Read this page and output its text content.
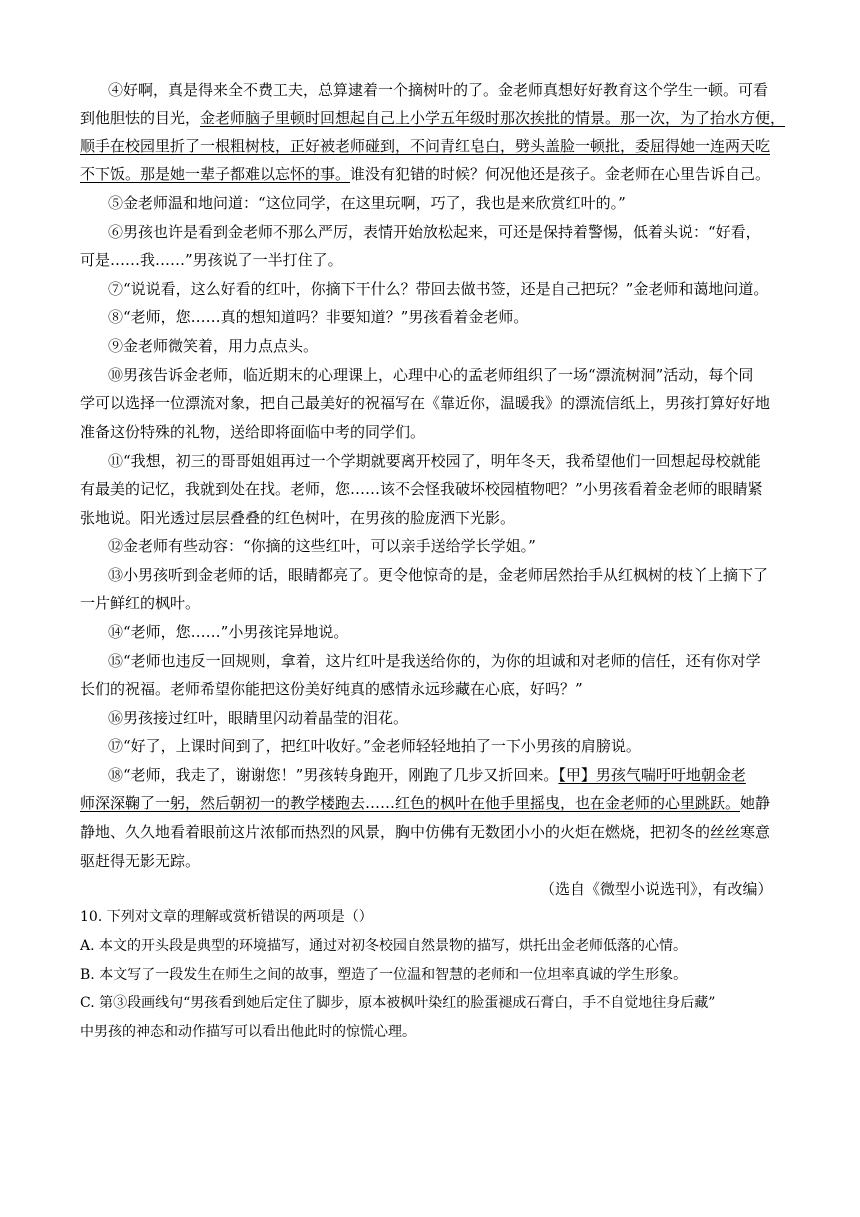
④好啊，真是得来全不费工夫，总算逮着一个摘树叶的了。金老师真想好好教育这个学生一顿。可看
到他胆怯的目光，金老师脑子里顿时回想起自己上小学五年级时那次挨批的情景。那一次，为了抬水方便，
顺手在校园里折了一根粗树枝，正好被老师碰到，不问青红皂白，劈头盖脸一顿批，委屈得她一连两天吃
不下饭。那是她一辈子都难以忘怀的事。谁没有犯错的时候？何况他还是孩子。金老师在心里告诉自己。
⑤金老师温和地问道：“这位同学，在这里玩啊，巧了，我也是来欣赏红叶的。”
⑥男孩也许是看到金老师不那么严厉，表情开始放松起来，可还是保持着警惕，低着头说：“好看，
可是……我……”男孩说了一半打住了。
⑦“说说看，这么好看的红叶，你摘下干什么？带回去做书签，还是自己把玩？”金老师和蔼地问道。
⑧“老师，您……真的想知道吗？非要知道？”男孩看着金老师。
⑨金老师微笑着，用力点点头。
⑩男孩告诉金老师，临近期末的心理课上，心理中心的孟老师组织了一场“漂流树洞”活动，每个同
学可以选择一位漂流对象，把自己最美好的祝福写在《靠近你，温暖我》的漂流信纸上，男孩打算好好地
准备这份特殊的礼物，送给即将面临中考的同学们。
⑪“我想，初三的哥哥姐姐再过一个学期就要离开校园了，明年冬天，我希望他们一回想起母校就能
有最美的记忆，我就到处在找。老师，您……该不会怪我破坏校园植物吧？”小男孩看着金老师的眼睛紧
张地说。阳光透过层层叠叠的红色树叶，在男孩的脸庞洒下光影。
⑫金老师有些动容：“你摘的这些红叶，可以亲手送给学长学姐。”
⑬小男孩听到金老师的话，眼睛都亮了。更令他惊奇的是，金老师居然抬手从红枫树的枝丫上摘下了
一片鲜红的枫叶。
⑭“老师，您……”小男孩诧异地说。
⑮“老师也违反一回规则，拿着，这片红叶是我送给你的，为你的坦诚和对老师的信任，还有你对学
长们的祝福。老师希望你能把这份美好纯真的感情永远珍藏在心底，好吗？”
⑯男孩接过红叶，眼睛里闪动着晶莹的泪花。
⑰“好了，上课时间到了，把红叶收好。”金老师轻轻地拍了一下小男孩的肩膀说。
⑱“老师，我走了，谢谢您！”男孩转身跑开，刚跑了几步又折回来。【甲】男孩气喘吁吁地朝金老
师深深鞠了一躬，然后朝初一的教学楼跑去……红色的枫叶在他手里摇曳，也在金老师的心里跳跃。她静
静地、久久地看着眼前这片浓郁而热烈的风景，胸中仿佛有无数团小小的火炬在燃烧，把初冬的丝丝寒意
驱赶得无影无踪。
（选自《微型小说选刊》，有改编）
10. 下列对文章的理解或赏析错误的两项是（）
A. 本文的开头段是典型的环境描写，通过对初冬校园自然景物的描写，烘托出金老师低落的心情。
B. 本文写了一段发生在师生之间的故事，塑造了一位温和智慧的老师和一位坦率真诚的学生形象。
C. 第③段画线句“男孩看到她后定住了脚步，原本被枫叶染红的脸蛋褪成石膏白，手不自觉地往身后藏”
中男孩的神态和动作描写可以看出他此时的惊慌心理。
